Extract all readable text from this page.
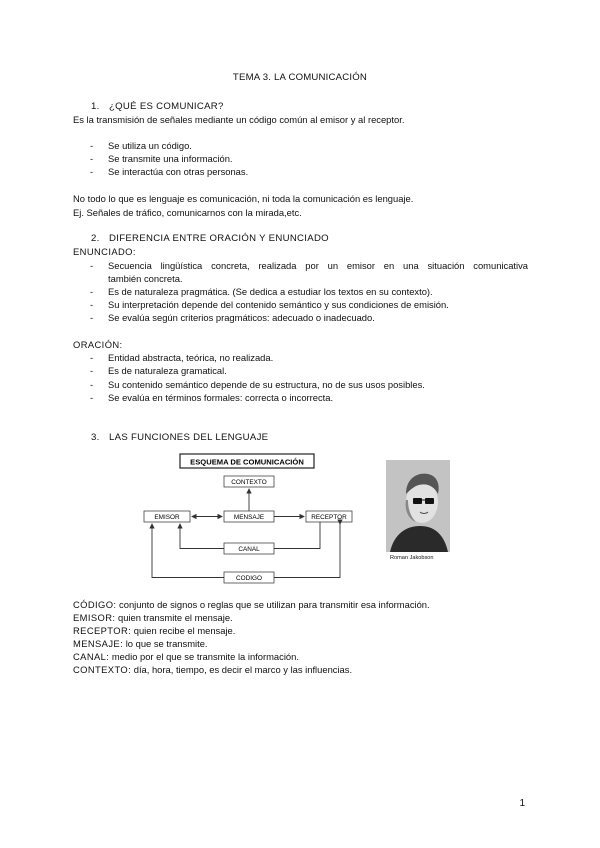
TEMA 3. LA COMUNICACIÓN
1. ¿QUÉ ES COMUNICAR?
Es la transmisión de señales mediante un código común al emisor y al receptor.
- Se utiliza un código.
- Se transmite una información.
- Se interactúa con otras personas.
No todo lo que es lenguaje es comunicación, ni toda la comunicación es lenguaje.
Ej. Señales de tráfico, comunicarnos con la mirada,etc.
2. DIFERENCIA ENTRE ORACIÓN Y ENUNCIADO
ENUNCIADO:
- Secuencia lingüística concreta, realizada por un emisor en una situación comunicativa
también concreta.
- Es de naturaleza pragmática. (Se dedica a estudiar los textos en su contexto).
- Su interpretación depende del contenido semántico y sus condiciones de emisión.
- Se evalúa según criterios pragmáticos: adecuado o inadecuado.
ORACIÓN:
- Entidad abstracta, teórica, no realizada.
- Es de naturaleza gramatical.
- Su contenido semántico depende de su estructura, no de sus usos posibles.
- Se evalúa en términos formales: correcta o incorrecta.
3. LAS FUNCIONES DEL LENGUAJE
ESQUEMA DE COMUNICACIÓN
CONTEXTO
EMISOR	MENSAJE	RECEPTOR
CANAL
CODIGO
Roman Jakobson
CÓDIGO: conjunto de signos o reglas que se utilizan para transmitir esa información.
EMISOR: quien transmite el mensaje.
RECEPTOR: quien recibe el mensaje.
MENSAJE: lo que se transmite.
CANAL: medio por el que se transmite la información.
CONTEXTO: día, hora, tiempo, es decir el marco y las influencias.
1
